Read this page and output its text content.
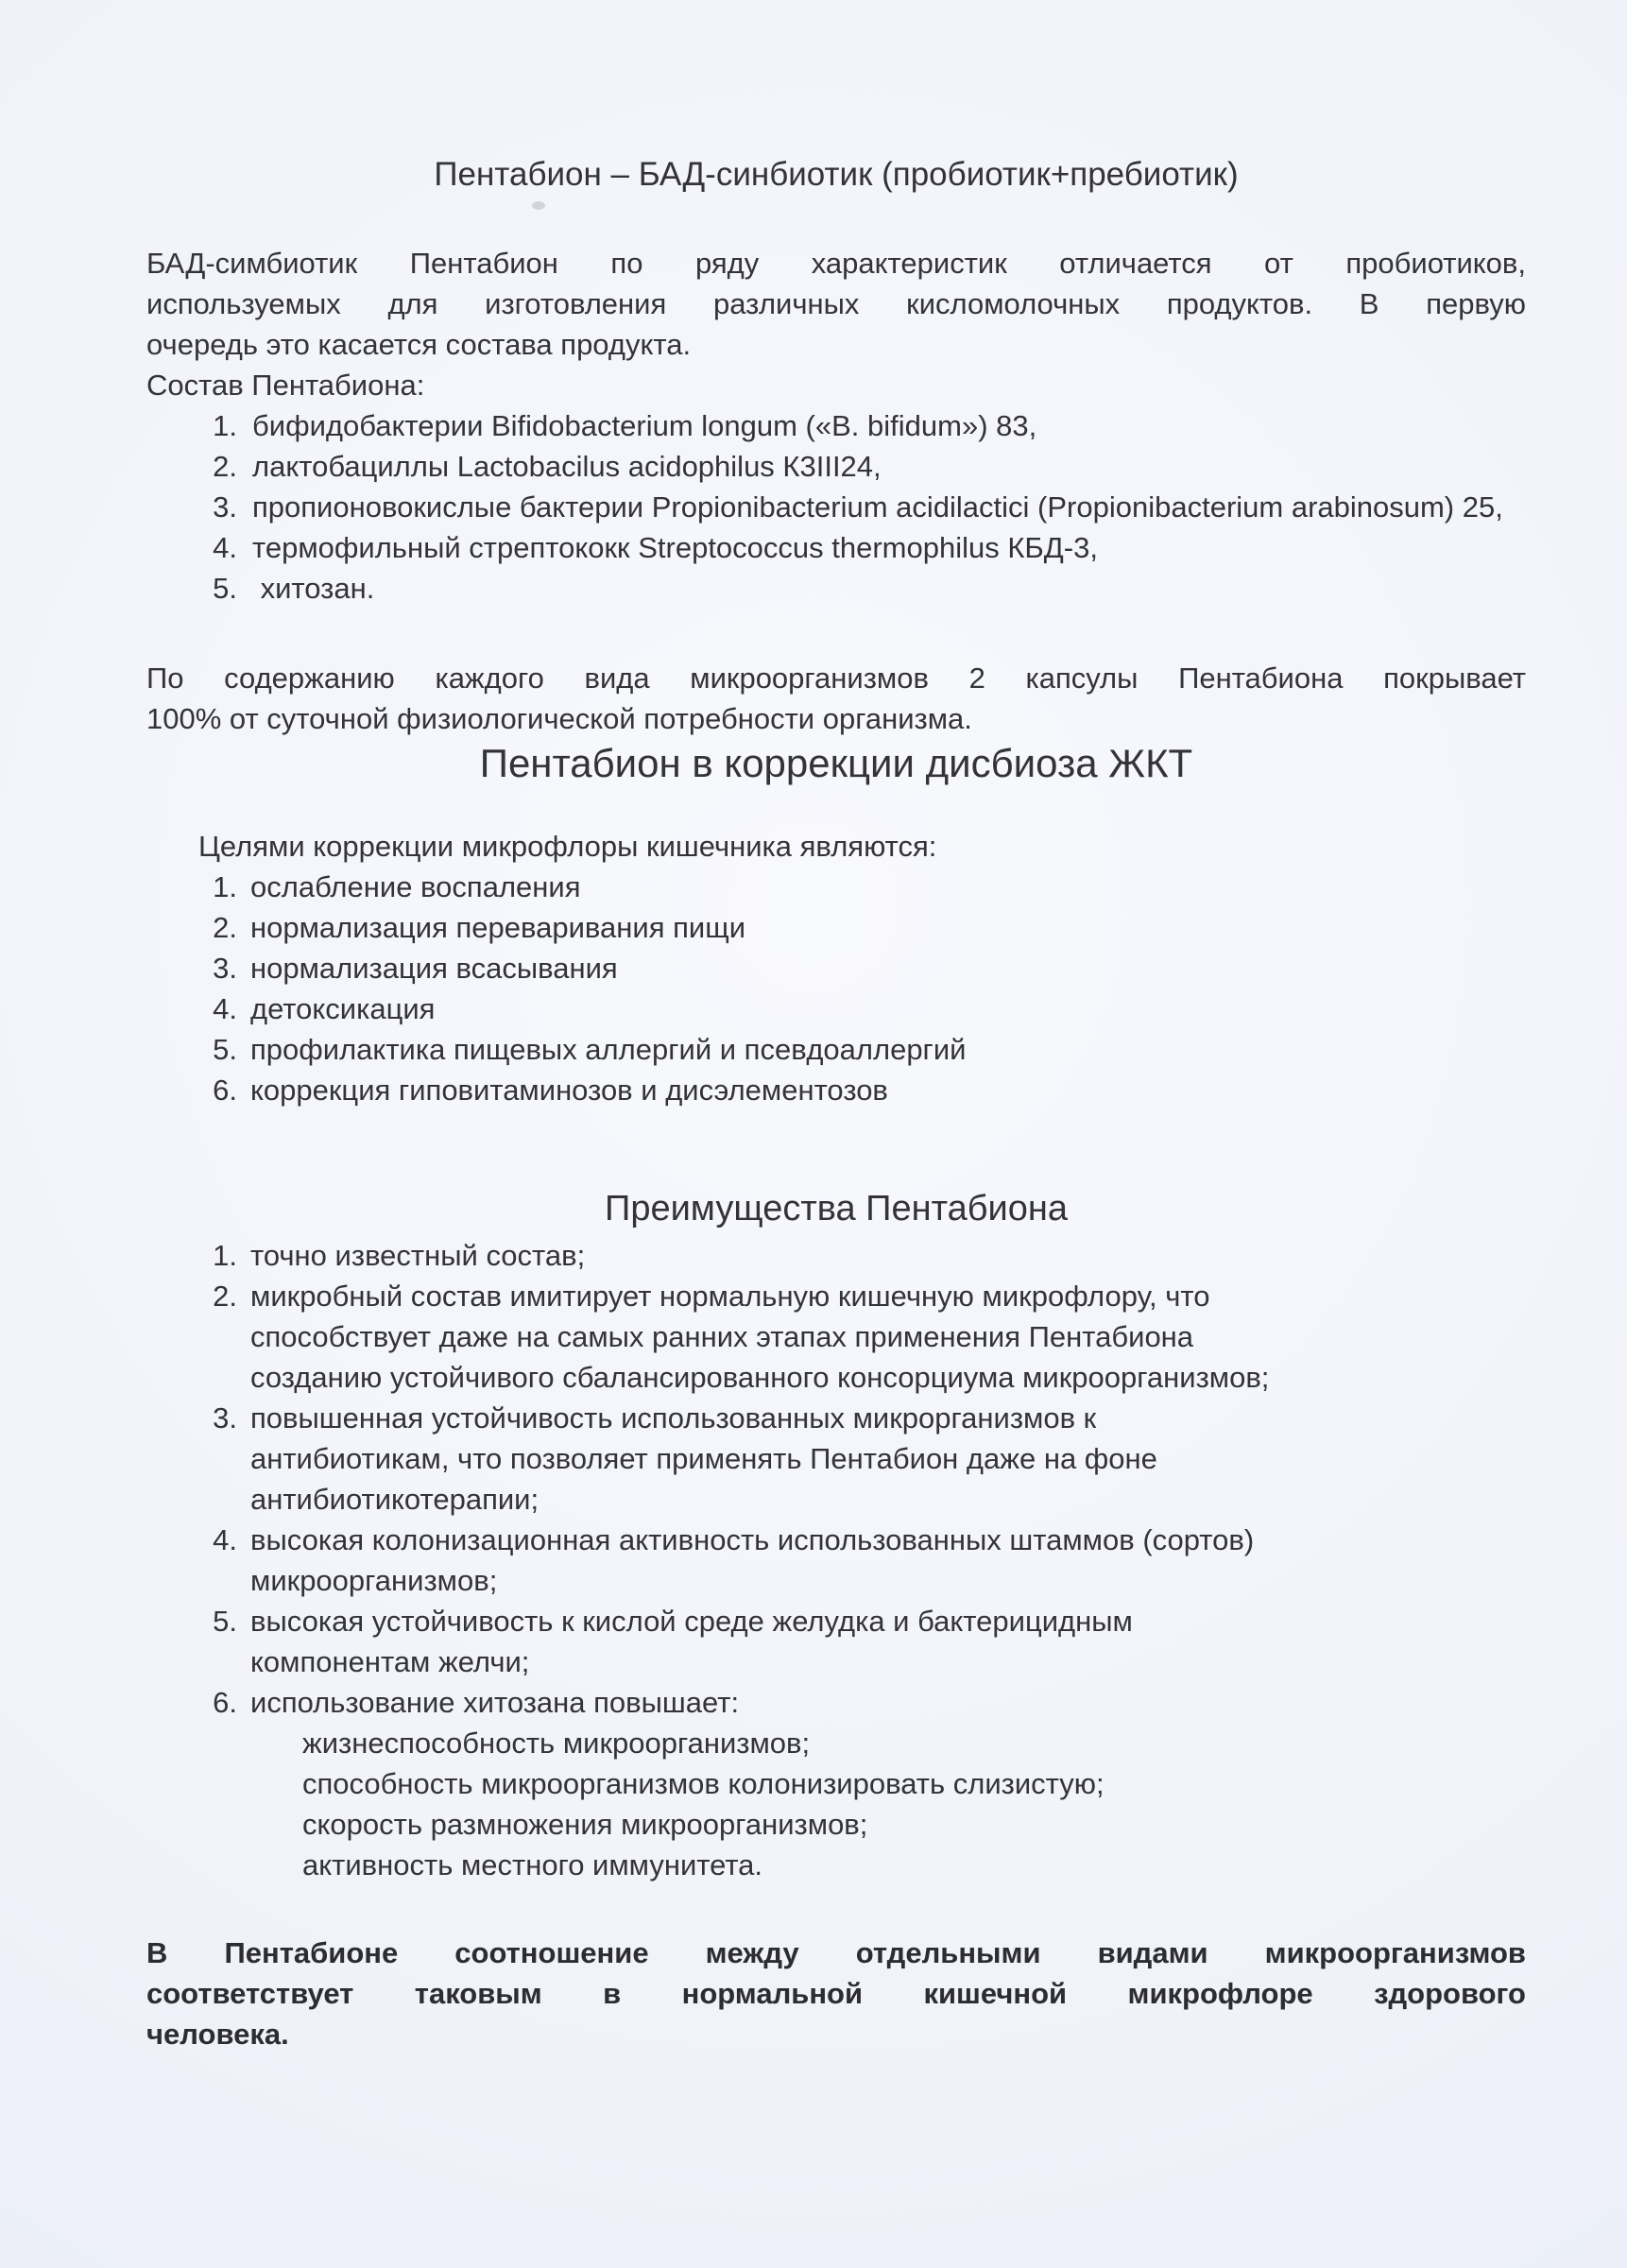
Пентабион – БАД-синбиотик (пробиотик+пребиотик)

БАД-симбиотик Пентабион по ряду характеристик отличается от пробиотиков,
используемых для изготовления различных кисломолочных продуктов. В первую
очередь это касается состава продукта.
Состав Пентабиона:

1. бифидобактерии Bifidobacterium longum («B. bifidum») 83,
2. лактобациллы Lactobacilus acidophilus К3III24,
3. пропионовокислые бактерии Propionibacterium acidilactici (Propionibacterium arabinosum) 25,
4. термофильный стрептококк Streptococcus thermophilus КБД-3,
5. хитозан.

По содержанию каждого вида микроорганизмов 2 капсулы Пентабиона покрывает
100% от суточной физиологической потребности организма.

Пентабион в коррекции дисбиоза ЖКТ

Целями коррекции микрофлоры кишечника являются:

1. ослабление воспаления
2. нормализация переваривания пищи
3. нормализация всасывания
4. детоксикация
5. профилактика пищевых аллергий и псевдоаллергий
6. коррекция гиповитаминозов и дисэлементозов
Преимущества Пентабиона
1. точно известный состав;
2. микробный состав имитирует нормальную кишечную микрофлору, что
способствует даже на самых ранних этапах применения Пентабиона
созданию устойчивого сбалансированного консорциума микроорганизмов;
3. повышенная устойчивость использованных микрорганизмов к
антибиотикам, что позволяет применять Пентабион даже на фоне
антибиотикотерапии;
4. высокая колонизационная активность использованных штаммов (сортов)
микроорганизмов;
5. высокая устойчивость к кислой среде желудка и бактерицидным
компонентам желчи;
6. использование хитозана повышает:
жизнеспособность микроорганизмов;
способность микроорганизмов колонизировать слизистую;
скорость размножения микроорганизмов;
активность местного иммунитета.

В Пентабионе соотношение между отдельными видами микроорганизмов
соответствует таковым в нормальной кишечной микрофлоре здорового
человека.
